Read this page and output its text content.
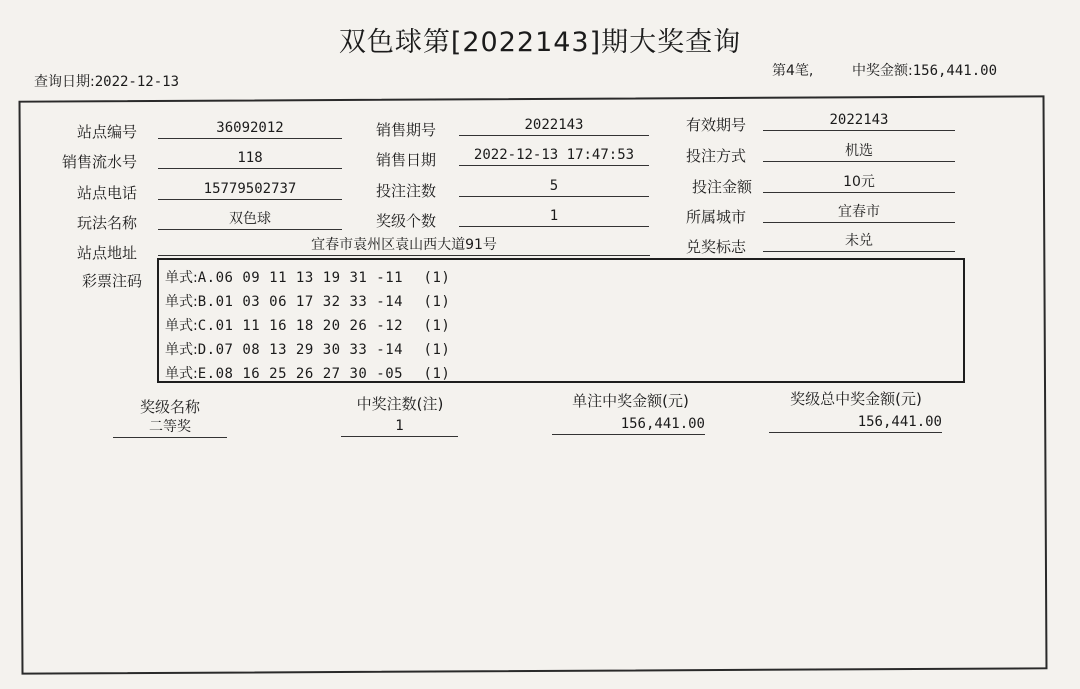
双色球第[2022143]期大奖查询
查询日期:2022-12-13
第4笔,	中奖金额:156,441.00
站点编号	36092012	销售期号	2022143	有效期号	2022143
销售流水号	118	销售日期	2022-12-13 17:47:53	投注方式	机选
站点电话	15779502737	投注注数	5	投注金额	10元
玩法名称	双色球	奖级个数	1	所属城市	宜春市
站点地址	宜春市袁州区袁山西大道91号	兑奖标志	未兑
彩票注码 单式:A.06 09 11 13 19 31 -11 (1)
单式:B.01 03 06 17 32 33 -14 (1)
单式:C.01 11 16 18 20 26 -12 (1)
单式:D.07 08 13 29 30 33 -14 (1)
单式:E.08 16 25 26 27 30 -05 (1)
奖级名称	中奖注数(注)	单注中奖金额(元)	奖级总中奖金额(元)
二等奖	1	156,441.00	156,441.00
